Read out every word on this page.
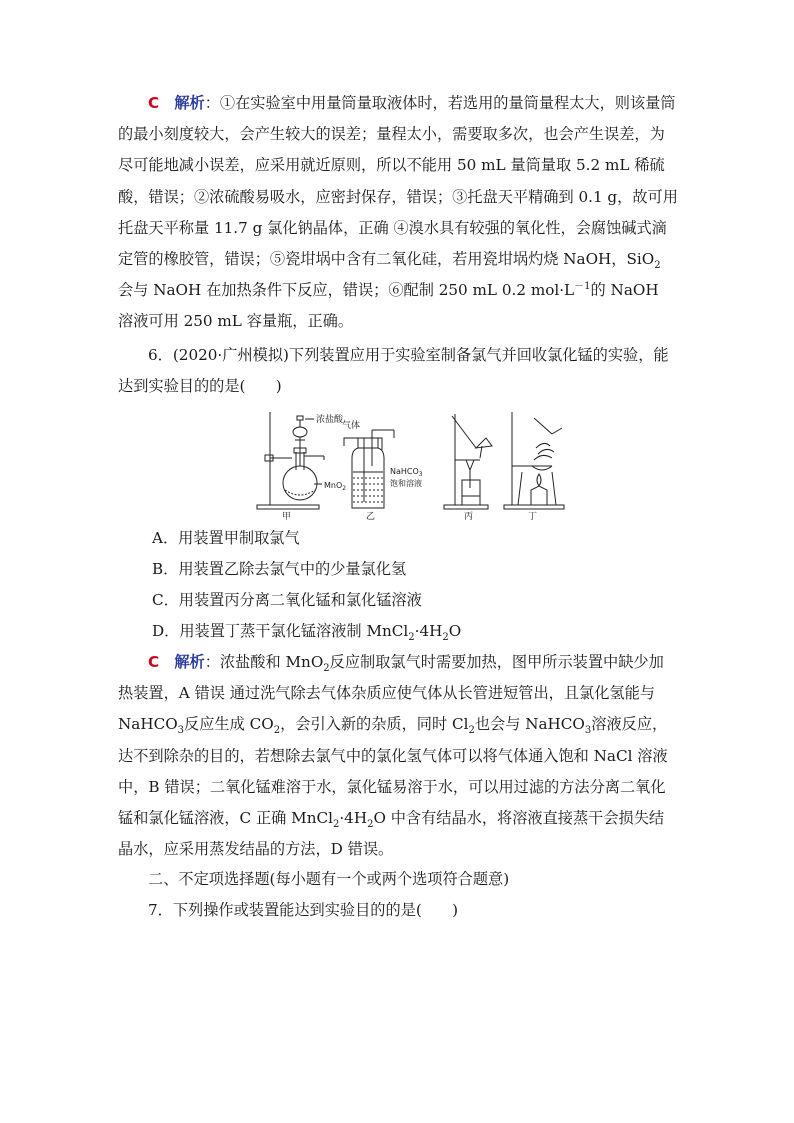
C　 解析：①在实验室中用量筒量取液体时，若选用的量筒量程太大，则该量筒的最小刻度较大，会产生较大的误差；量程太小，需要取多次，也会产生误差，为尽可能地减小误差，应采用就近原则，所以不能用 50 mL 量筒量取 5.2 mL 稀硫酸，错误；②浓硫酸易吸水，应密封保存，错误；③托盘天平精确到 0.1 g，故可用托盘天平称量 11.7 g 氯化钠晶体，正确 ④溴水具有较强的氧化性，会腐蚀碱式滴定管的橡胶管，错误；⑤瓷坩埚中含有二氧化硅，若用瓷坩埚灼烧 NaOH，SiO$_2$ 会与 NaOH 在加热条件下反应，错误；⑥配制 250 mL 0.2 $mol\cdot L^{-1}$的 NaOH 溶液可用 250 mL 容量瓶，正确。

6．(2020·广州模拟)下列装置应用于实验室制备氯气并回收氯化锰的实验，能达到实验目的的是(　　)

浓盐酸
MnO$_2$
甲
气体
NaHCO$_3$
饱和溶液
乙	丙	丁

A．用装置甲制取氯气

B．用装置乙除去氯气中的少量氯化氢

C．用装置丙分离二氧化锰和氯化锰溶液

D．用装置丁蒸干氯化锰溶液制 $MnCl_2\cdot 4H_2O$

C　 解析：浓盐酸和 MnO$_2$反应制取氯气时需要加热，图甲所示装置中缺少加热装置，A 错误 通过洗气除去气体杂质应使气体从长管进短管出，且氯化氢能与 NaHCO$_3$反应生成 $CO_2$，会引入新的杂质，同时 $Cl_2$也会与 NaHCO$_3$溶液反应，达不到除杂的目的，若想除去氯气中的氯化氢气体可以将气体通入饱和 NaCl 溶液中，B 错误；二氧化锰难溶于水，氯化锰易溶于水，可以用过滤的方法分离二氧化锰和氯化锰溶液，C 正确 $MnCl_2\cdot 4H_2O$ 中含有结晶水，将溶液直接蒸干会损失结晶水，应采用蒸发结晶的方法，D 错误。

二、不定项选择题(每小题有一个或两个选项符合题意)

7．下列操作或装置能达到实验目的的是(　　)
